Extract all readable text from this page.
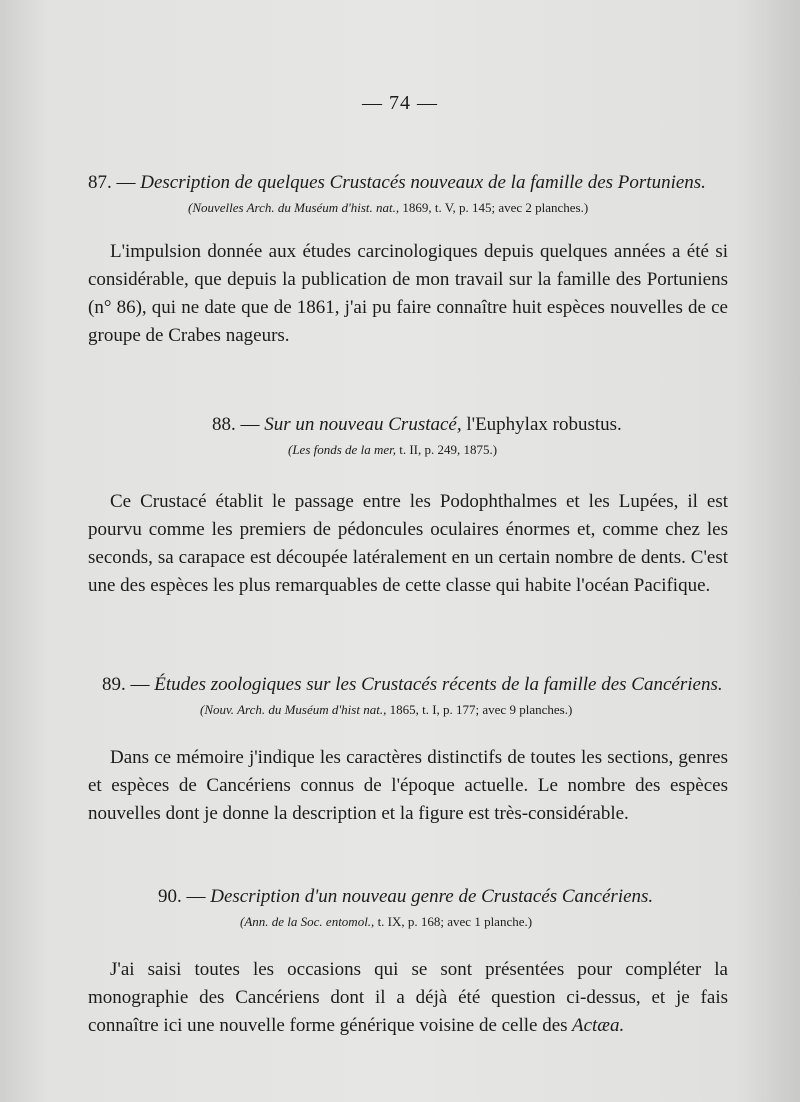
— 74 —

87. — Description de quelques Crustacés nouveaux de la famille des Portuniens.

(Nouvelles Arch. du Muséum d'hist. nat., 1869, t. V, p. 145; avec 2 planches.)

L'impulsion donnée aux études carcinologiques depuis quelques années a été si considérable, que depuis la publication de mon travail sur la famille des Portuniens (n° 86), qui ne date que de 1861, j'ai pu faire connaître huit espèces nouvelles de ce groupe de Crabes nageurs.

88. — Sur un nouveau Crustacé, l'Euphylax robustus.

(Les fonds de la mer, t. II, p. 249, 1875.)

Ce Crustacé établit le passage entre les Podophthalmes et les Lupées, il est pourvu comme les premiers de pédoncules oculaires énormes et, comme chez les seconds, sa carapace est découpée latéralement en un certain nombre de dents. C'est une des espèces les plus remarquables de cette classe qui habite l'océan Pacifique.

89. — Études zoologiques sur les Crustacés récents de la famille des Cancériens.

(Nouv. Arch. du Muséum d'hist nat., 1865, t. I, p. 177; avec 9 planches.)

Dans ce mémoire j'indique les caractères distinctifs de toutes les sections, genres et espèces de Cancériens connus de l'époque actuelle. Le nombre des espèces nouvelles dont je donne la description et la figure est très-considérable.

90. — Description d'un nouveau genre de Crustacés Cancériens.

(Ann. de la Soc. entomol., t. IX, p. 168; avec 1 planche.)

J'ai saisi toutes les occasions qui se sont présentées pour compléter la monographie des Cancériens dont il a déjà été question ci-dessus, et je fais connaître ici une nouvelle forme générique voisine de celle des Actæa.
